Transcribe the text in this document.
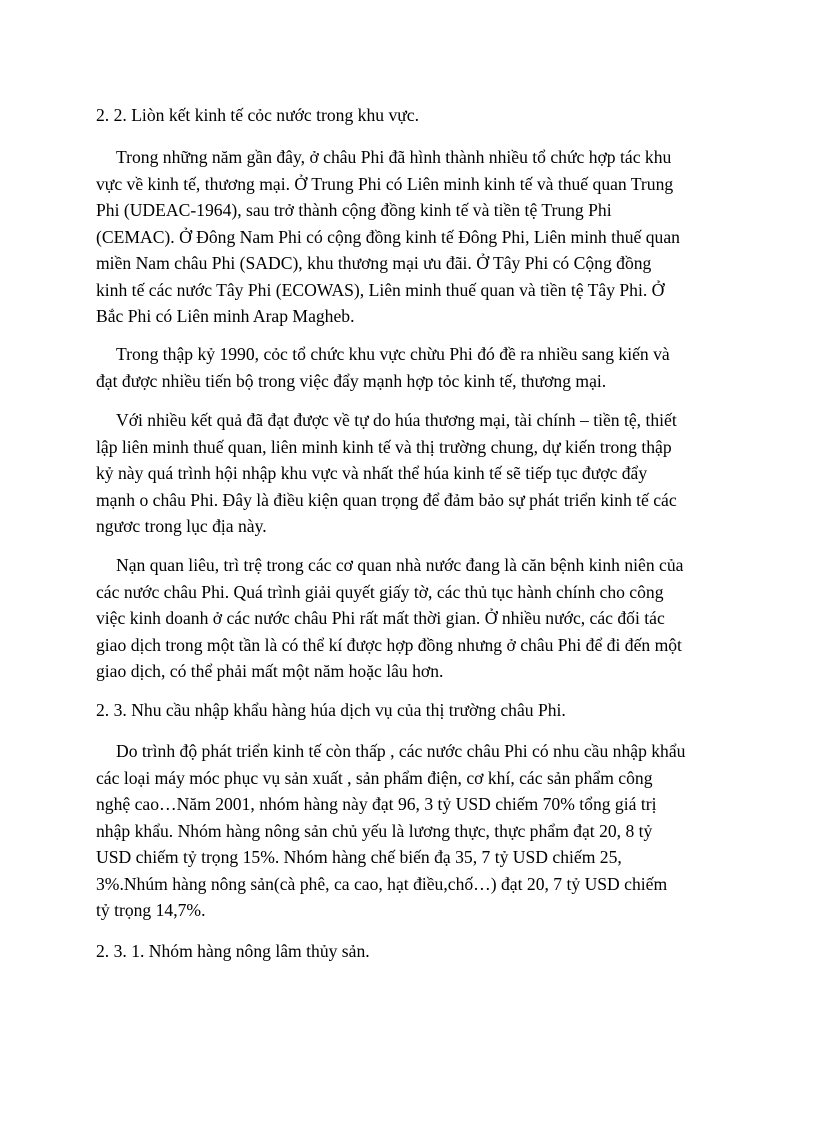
2. 2. Liòn kết kinh tế cỏc nước trong khu vực.

Trong những năm gần đây, ở châu Phi đã hình thành nhiều tổ chức hợp tác khu
vực về kinh tế, thương mại. Ở Trung Phi có Liên minh kinh tế và thuế quan Trung
Phi (UDEAC-1964), sau trở thành cộng đồng kinh tế và tiền tệ Trung Phi
(CEMAC). Ở Đông Nam Phi có cộng đồng kinh tế Đông Phi, Liên minh thuế quan
miền Nam châu Phi (SADC), khu thương mại ưu đãi. Ở Tây Phi có Cộng đồng
kinh tế các nước Tây Phi (ECOWAS), Liên minh thuế quan và tiền tệ Tây Phi. Ở
Bắc Phi có Liên minh Arap Magheb.

Trong thập kỷ 1990, cỏc tổ chức khu vực chừu Phi đó đề ra nhiều sang kiến và
đạt được nhiều tiến bộ trong việc đẩy mạnh hợp tỏc kinh tế, thương mại.

Với nhiều kết quả đã đạt được về tự do húa thương mại, tài chính – tiền tệ, thiết
lập liên minh thuế quan, liên minh kinh tế và thị trường chung, dự kiến trong thập
kỷ này quá trình hội nhập khu vực và nhất thể húa kinh tế sẽ tiếp tục được đẩy
mạnh o châu Phi. Đây là điều kiện quan trọng để đảm bảo sự phát triển kinh tế các
ngươc trong lục địa này.

Nạn quan liêu, trì trệ trong các cơ quan nhà nước đang là căn bệnh kinh niên của
các nước châu Phi. Quá trình giải quyết giấy tờ, các thủ tục hành chính cho công
việc kinh doanh ở các nước châu Phi rất mất thời gian. Ở nhiều nước, các đối tác
giao dịch trong một tần là có thể kí được hợp đồng nhưng ở châu Phi để đi đến một
giao dịch, có thể phải mất một năm hoặc lâu hơn.

2. 3. Nhu cầu nhập khẩu hàng húa dịch vụ của thị trường châu Phi.

Do trình độ phát triển kinh tế còn thấp , các nước châu Phi có nhu cầu nhập khẩu
các loại máy móc phục vụ sản xuất , sản phẩm điện, cơ khí, các sản phẩm công
nghệ cao…Năm 2001, nhóm hàng này đạt 96, 3 tỷ USD chiếm 70% tổng giá trị
nhập khẩu. Nhóm hàng nông sản chủ yếu là lương thực, thực phẩm đạt 20, 8 tỷ
USD chiếm tỷ trọng 15%. Nhóm hàng chế biến đạ 35, 7 tỷ USD chiếm 25,
3%.Nhúm hàng nông sản(cà phê, ca cao, hạt điều,chố…) đạt 20, 7 tỷ USD chiếm
tỷ trọng 14,7%.

2. 3. 1. Nhóm hàng nông lâm thủy sản.
